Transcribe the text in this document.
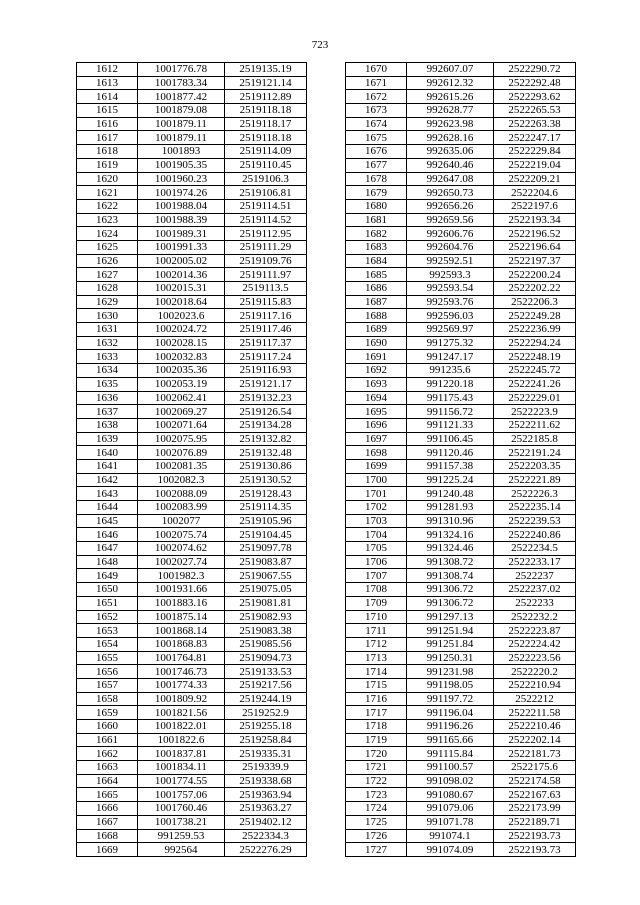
723
1612	1001776.78	2519135.19
1613	1001783.34	2519121.14
1614	1001877.42	2519112.89
1615	1001879.08	2519118.18
1616	1001879.11	2519118.17
1617	1001879.11	2519118.18
1618	1001893	2519114.09
1619	1001905.35	2519110.45
1620	1001960.23	2519106.3
1621	1001974.26	2519106.81
1622	1001988.04	2519114.51
1623	1001988.39	2519114.52
1624	1001989.31	2519112.95
1625	1001991.33	2519111.29
1626	1002005.02	2519109.76
1627	1002014.36	2519111.97
1628	1002015.31	2519113.5
1629	1002018.64	2519115.83
1630	1002023.6	2519117.16
1631	1002024.72	2519117.46
1632	1002028.15	2519117.37
1633	1002032.83	2519117.24
1634	1002035.36	2519116.93
1635	1002053.19	2519121.17
1636	1002062.41	2519132.23
1637	1002069.27	2519126.54
1638	1002071.64	2519134.28
1639	1002075.95	2519132.82
1640	1002076.89	2519132.48
1641	1002081.35	2519130.86
1642	1002082.3	2519130.52
1643	1002088.09	2519128.43
1644	1002083.99	2519114.35
1645	1002077	2519105.96
1646	1002075.74	2519104.45
1647	1002074.62	2519097.78
1648	1002027.74	2519083.87
1649	1001982.3	2519067.55
1650	1001931.66	2519075.05
1651	1001883.16	2519081.81
1652	1001875.14	2519082.93
1653	1001868.14	2519083.38
1654	1001868.83	2519085.56
1655	1001764.81	2519094.73
1656	1001746.73	2519133.53
1657	1001774.33	2519217.56
1658	1001809.92	2519244.19
1659	1001821.56	2519252.9
1660	1001822.01	2519255.18
1661	1001822.6	2519258.84
1662	1001837.81	2519335.31
1663	1001834.11	2519339.9
1664	1001774.55	2519338.68
1665	1001757.06	2519363.94
1666	1001760.46	2519363.27
1667	1001738.21	2519402.12
1668	991259.53	2522334.3
1669	992564	2522276.29
1670	992607.07	2522290.72
1671	992612.32	2522292.48
1672	992615.26	2522293.62
1673	992628.77	2522265.53
1674	992623.98	2522263.38
1675	992628.16	2522247.17
1676	992635.06	2522229.84
1677	992640.46	2522219.04
1678	992647.08	2522209.21
1679	992650.73	2522204.6
1680	992656.26	2522197.6
1681	992659.56	2522193.34
1682	992606.76	2522196.52
1683	992604.76	2522196.64
1684	992592.51	2522197.37
1685	992593.3	2522200.24
1686	992593.54	2522202.22
1687	992593.76	2522206.3
1688	992596.03	2522249.28
1689	992569.97	2522236.99
1690	991275.32	2522294.24
1691	991247.17	2522248.19
1692	991235.6	2522245.72
1693	991220.18	2522241.26
1694	991175.43	2522229.01
1695	991156.72	2522223.9
1696	991121.33	2522211.62
1697	991106.45	2522185.8
1698	991120.46	2522191.24
1699	991157.38	2522203.35
1700	991225.24	2522221.89
1701	991240.48	2522226.3
1702	991281.93	2522235.14
1703	991310.96	2522239.53
1704	991324.16	2522240.86
1705	991324.46	2522234.5
1706	991308.72	2522233.17
1707	991308.74	2522237
1708	991306.72	2522237.02
1709	991306.72	2522233
1710	991297.13	2522232.2
1711	991251.94	2522223.87
1712	991251.84	2522224.42
1713	991250.31	2522223.56
1714	991231.98	2522220.2
1715	991198.05	2522210.94
1716	991197.72	2522212
1717	991196.04	2522211.58
1718	991196.26	2522210.46
1719	991165.66	2522202.14
1720	991115.84	2522181.73
1721	991100.57	2522175.6
1722	991098.02	2522174.58
1723	991080.67	2522167.63
1724	991079.06	2522173.99
1725	991071.78	2522189.71
1726	991074.1	2522193.73
1727	991074.09	2522193.73
